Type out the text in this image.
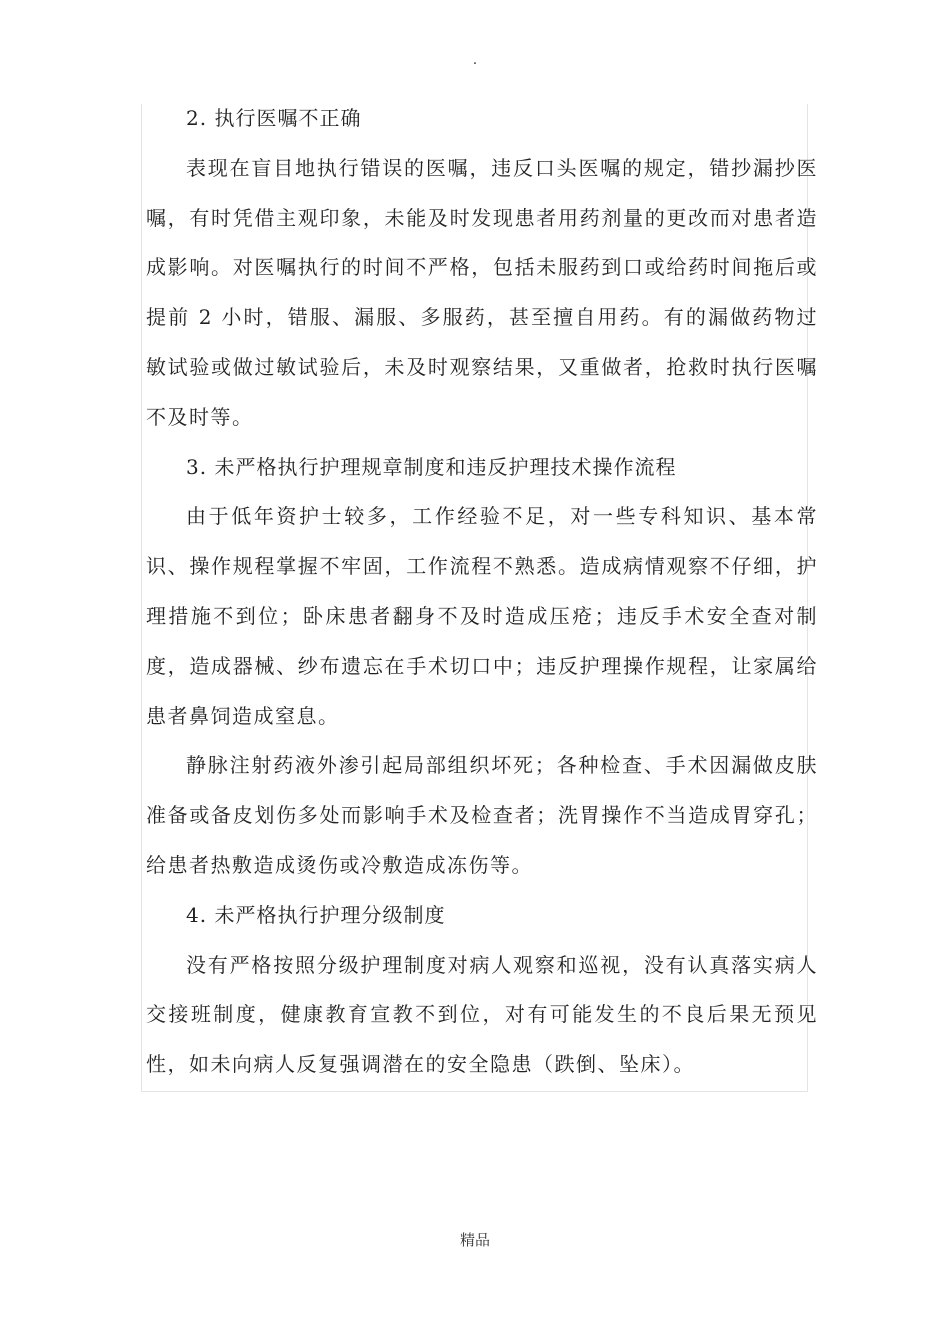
.

2. 执行医嘱不正确

表现在盲目地执行错误的医嘱，违反口头医嘱的规定，错抄漏抄医嘱，有时凭借主观印象，未能及时发现患者用药剂量的更改而对患者造成影响。对医嘱执行的时间不严格，包括未服药到口或给药时间拖后或提前 2 小时，错服、漏服、多服药，甚至擅自用药。有的漏做药物过敏试验或做过敏试验后，未及时观察结果，又重做者，抢救时执行医嘱不及时等。

3. 未严格执行护理规章制度和违反护理技术操作流程

由于低年资护士较多，工作经验不足，对一些专科知识、基本常识、操作规程掌握不牢固，工作流程不熟悉。造成病情观察不仔细，护理措施不到位；卧床患者翻身不及时造成压疮；违反手术安全查对制度，造成器械、纱布遗忘在手术切口中；违反护理操作规程，让家属给患者鼻饲造成窒息。

静脉注射药液外渗引起局部组织坏死；各种检查、手术因漏做皮肤准备或备皮划伤多处而影响手术及检查者；洗胃操作不当造成胃穿孔；给患者热敷造成烫伤或冷敷造成冻伤等。

4. 未严格执行护理分级制度

没有严格按照分级护理制度对病人观察和巡视，没有认真落实病人交接班制度，健康教育宣教不到位，对有可能发生的不良后果无预见性，如未向病人反复强调潜在的安全隐患（跌倒、坠床）。

精品
